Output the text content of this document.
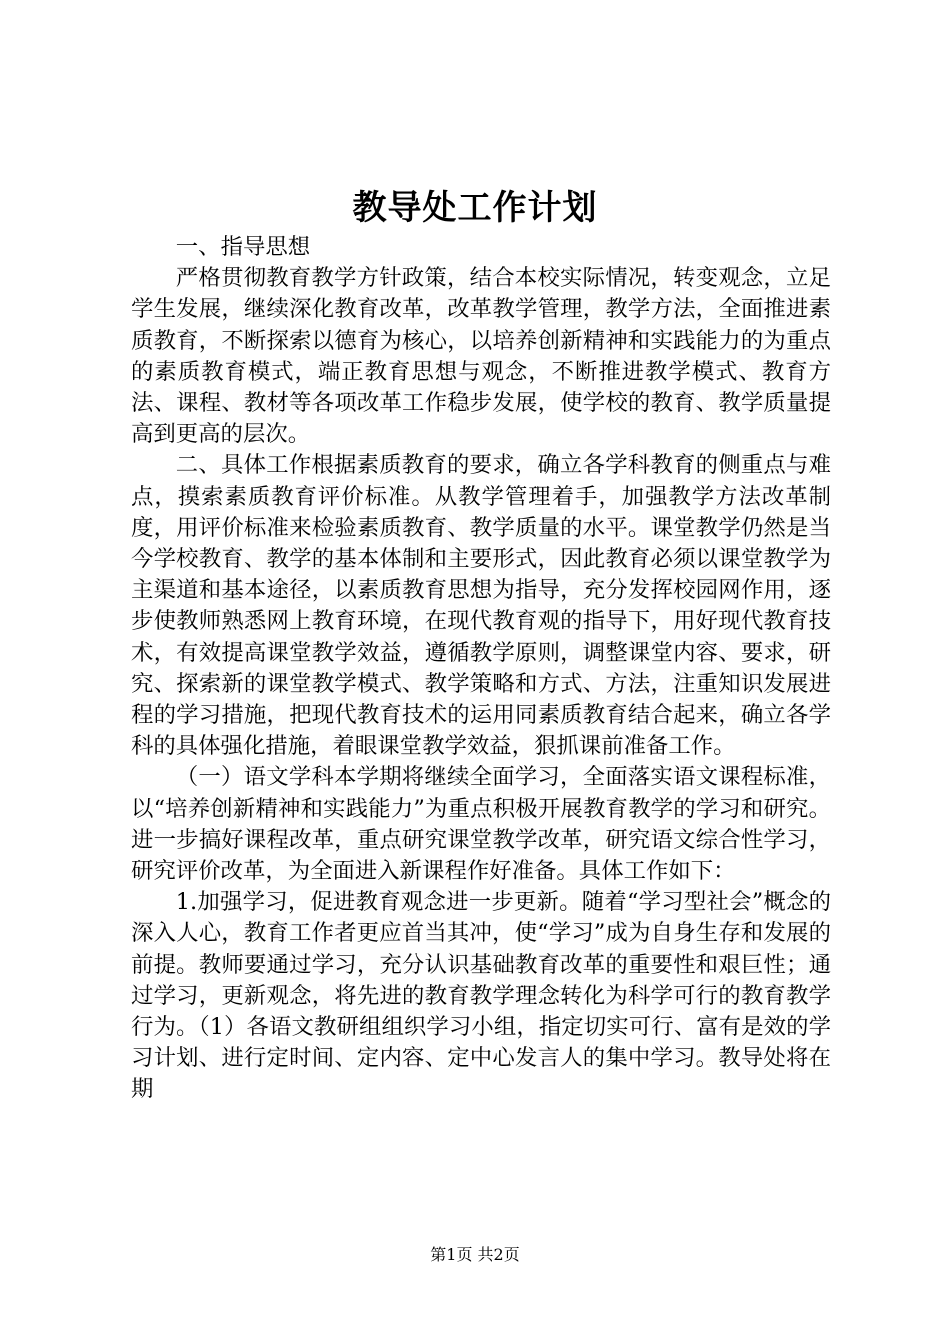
教导处工作计划

一、指导思想

严格贯彻教育教学方针政策，结合本校实际情况，转变观念，立足学生发展，继续深化教育改革，改革教学管理，教学方法，全面推进素质教育，不断探索以德育为核心，以培养创新精神和实践能力的为重点的素质教育模式，端正教育思想与观念，不断推进教学模式、教育方法、课程、教材等各项改革工作稳步发展，使学校的教育、教学质量提高到更高的层次。

二、具体工作根据素质教育的要求，确立各学科教育的侧重点与难点，摸索素质教育评价标准。从教学管理着手，加强教学方法改革制度，用评价标准来检验素质教育、教学质量的水平。课堂教学仍然是当今学校教育、教学的基本体制和主要形式，因此教育必须以课堂教学为主渠道和基本途径，以素质教育思想为指导，充分发挥校园网作用，逐步使教师熟悉网上教育环境，在现代教育观的指导下，用好现代教育技术，有效提高课堂教学效益，遵循教学原则，调整课堂内容、要求，研究、探索新的课堂教学模式、教学策略和方式、方法，注重知识发展进程的学习措施，把现代教育技术的运用同素质教育结合起来，确立各学科的具体强化措施，着眼课堂教学效益，狠抓课前准备工作。

（一）语文学科本学期将继续全面学习，全面落实语文课程标准，以“培养创新精神和实践能力”为重点积极开展教育教学的学习和研究。进一步搞好课程改革，重点研究课堂教学改革，研究语文综合性学习，研究评价改革，为全面进入新课程作好准备。具体工作如下：

1.加强学习，促进教育观念进一步更新。随着“学习型社会”概念的深入人心，教育工作者更应首当其冲，使“学习”成为自身生存和发展的前提。教师要通过学习，充分认识基础教育改革的重要性和艰巨性；通过学习，更新观念，将先进的教育教学理念转化为科学可行的教育教学行为。（1）各语文教研组组织学习小组，指定切实可行、富有是效的学习计划、进行定时间、定内容、定中心发言人的集中学习。教导处将在期

第1页 共2页
